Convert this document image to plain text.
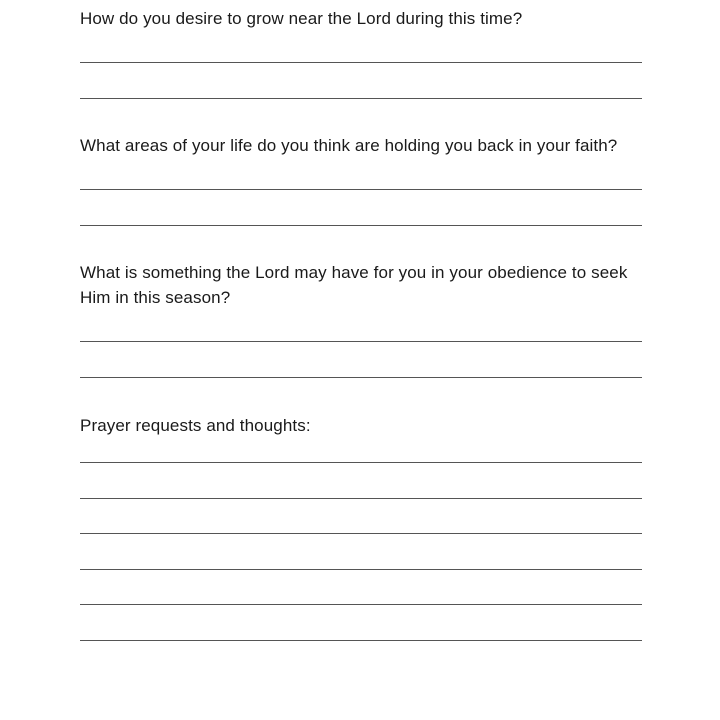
How do you desire to grow near the Lord during this time?

What areas of your life do you think are holding you back in your faith?

What is something the Lord may have for you in your obedience to seek Him in this season?

Prayer requests and thoughts:
